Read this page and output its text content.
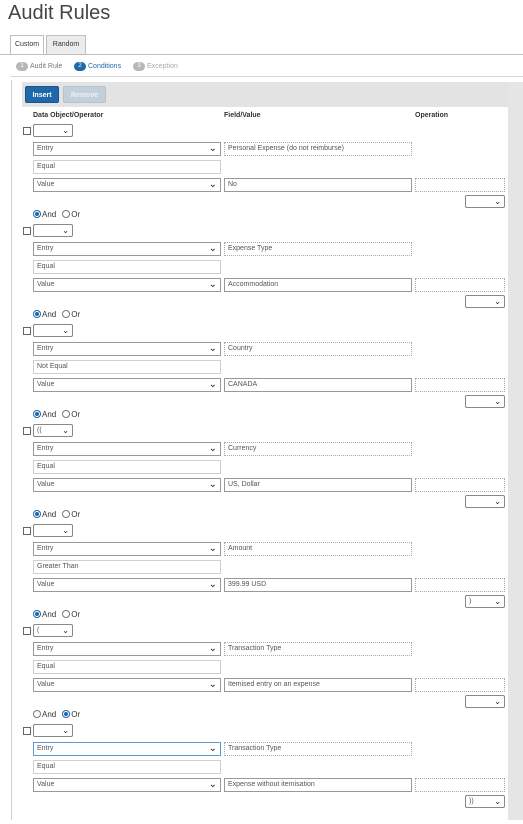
Audit Rules
Custom	Random
1 Audit Rule	2 Conditions	3 Exception
Insert	Remove
Data Object/Operator	Field/Value	Operation
⌄
Entry	⌄	Personal Expense (do not reimburse)
Equal
Value	⌄	No
⌄
And Or
⌄
Entry	⌄	Expense Type
Equal
Value	⌄	Accommodation
⌄
And Or
⌄
Entry	⌄	Country
Not Equal
Value	⌄	CANADA
⌄
And Or
((	⌄
Entry	⌄	Currency
Equal
Value	⌄	US, Dollar
⌄
And Or
⌄
Entry	⌄	Amount
Greater Than
Value	⌄	399.99 USD
)	⌄
And Or
(	⌄
Entry	⌄	Transaction Type
Equal
Value	⌄	Itemised entry on an expense
⌄
And Or
⌄
Entry	⌄	Transaction Type
Equal
Value	⌄	Expense without itemisation
))	⌄
